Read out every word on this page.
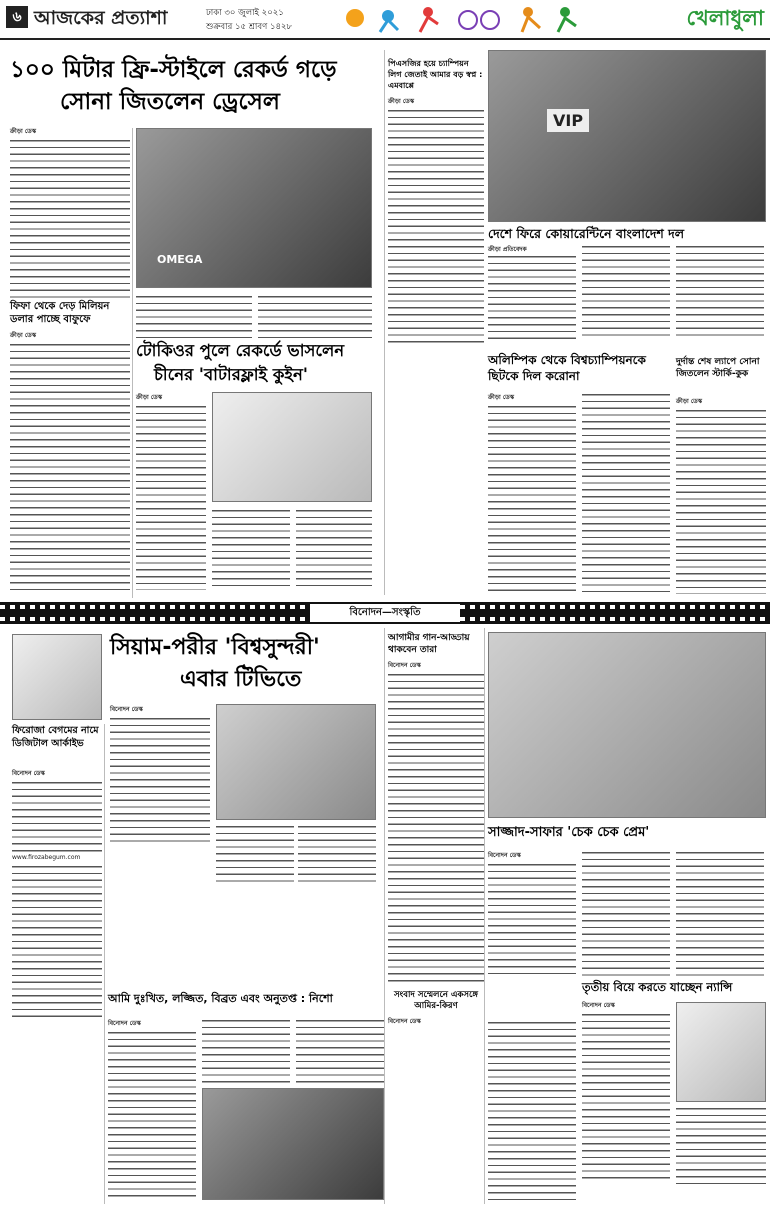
৬ আজকের প্রত্যাশা	ঢাকা ৩০ জুলাই ২০২১
শুক্রবার ১৫ শ্রাবণ ১৪২৮	খেলাধুলা
১০০ মিটার ফ্রি-স্টাইলে রেকর্ড গড়ে
সোনা জিতলেন ড্রেসেল
ক্রীড়া ডেস্ক
OMEGA
ফিফা থেকে দেড় মিলিয়ন ডলার পাচ্ছে বাফুফে
ক্রীড়া ডেস্ক
টোকিওর পুলে রেকর্ডে ভাসলেন
চীনের 'বাটারফ্লাই কুইন'
ক্রীড়া ডেস্ক
পিএসজির হয়ে চ্যাম্পিয়ন লিগ জেতাই আমার বড় স্বপ্ন : এমবাপ্পে
ক্রীড়া ডেস্ক
VIP
দেশে ফিরে কোয়ারেন্টিনে বাংলাদেশ দল
ক্রীড়া প্রতিবেদক
অলিম্পিক থেকে বিশ্বচ্যাম্পিয়নকে ছিটকে দিল করোনা
ক্রীড়া ডেস্ক
দুর্দান্ত শেষ ল্যাপে সোনা জিতলেন স্টার্কি-কুক
ক্রীড়া ডেস্ক
বিনোদন—সংস্কৃতি
সিয়াম-পরীর 'বিশ্বসুন্দরী'
এবার টিভিতে
বিনোদন ডেস্ক
ফিরোজা বেগমের নামে ডিজিটাল আর্কাইভ
বিনোদন ডেস্ক
www.firozabegum.com
আগামীর গান-আড্ডায় থাকবেন তারা
বিনোদন ডেস্ক
সাজ্জাদ-সাফার 'চেক চেক প্রেম'
সংবাদ সম্মেলনে একসঙ্গে আমির-কিরণ
বিনোদন ডেস্ক
বিনোদন ডেস্ক
তৃতীয় বিয়ে করতে যাচ্ছেন ন্যান্সি
বিনোদন ডেস্ক
আমি দুঃখিত, লজ্জিত, বিব্রত এবং অনুতপ্ত : নিশো
বিনোদন ডেস্ক
